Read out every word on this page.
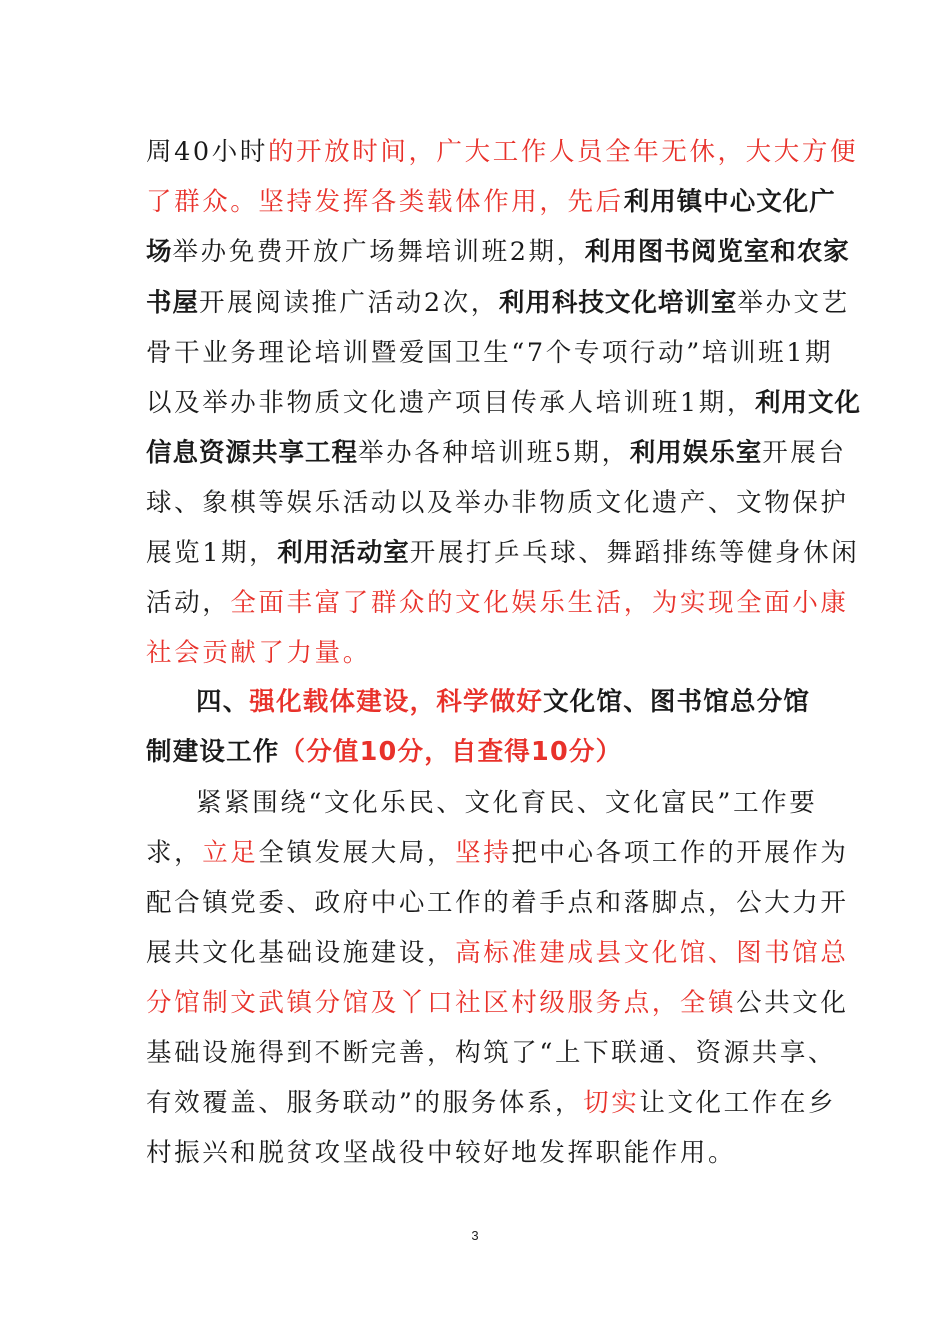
周40小时的开放时间，广大工作人员全年无休，大大方便
了群众。坚持发挥各类载体作用，先后利用镇中心文化广
场举办免费开放广场舞培训班2期，利用图书阅览室和农家
书屋开展阅读推广活动2次，利用科技文化培训室举办文艺
骨干业务理论培训暨爱国卫生“7个专项行动”培训班1期
以及举办非物质文化遗产项目传承人培训班1期，利用文化
信息资源共享工程举办各种培训班5期，利用娱乐室开展台
球、象棋等娱乐活动以及举办非物质文化遗产、文物保护
展览1期，利用活动室开展打乒乓球、舞蹈排练等健身休闲
活动，全面丰富了群众的文化娱乐生活，为实现全面小康
社会贡献了力量。
四、强化载体建设，科学做好文化馆、图书馆总分馆
制建设工作（分值10分，自查得10分）
紧紧围绕“文化乐民、文化育民、文化富民”工作要
求，立足全镇发展大局，坚持把中心各项工作的开展作为
配合镇党委、政府中心工作的着手点和落脚点，公大力开
展共文化基础设施建设，高标准建成县文化馆、图书馆总
分馆制文武镇分馆及丫口社区村级服务点，全镇公共文化
基础设施得到不断完善，构筑了“上下联通、资源共享、
有效覆盖、服务联动”的服务体系，切实让文化工作在乡
村振兴和脱贫攻坚战役中较好地发挥职能作用。
3
